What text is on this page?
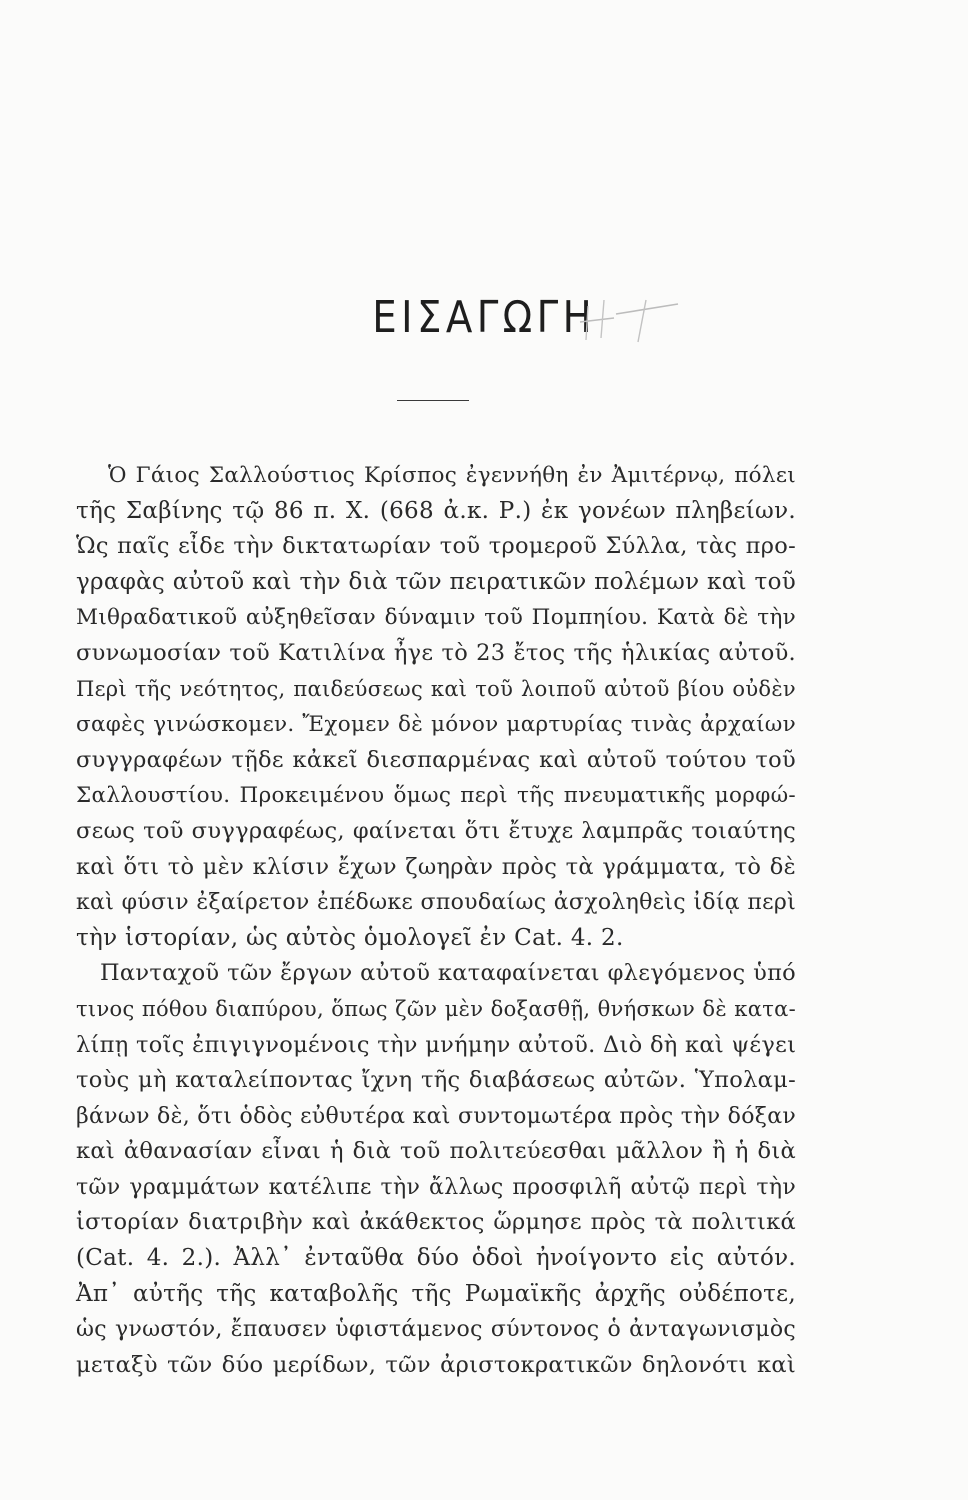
ΕΙΣΑΓΩΓΗ
Ὁ Γάιος Σαλλούστιος Κρίσπος ἐγεννήθη ἐν Ἀμιτέρνῳ, πόλει
τῆς Σαβίνης τῷ 86 π. Χ. (668 ἀ.κ. Ρ.) ἐκ γονέων πληβείων.
Ὡς παῖς εἶδε τὴν δικτατωρίαν τοῦ τρομεροῦ Σύλλα, τὰς προ-
γραφὰς αὐτοῦ καὶ τὴν διὰ τῶν πειρατικῶν πολέμων καὶ τοῦ
Μιθραδατικοῦ αὐξηθεῖσαν δύναμιν τοῦ Πομπηίου. Κατὰ δὲ τὴν
συνωμοσίαν τοῦ Κατιλίνα ἦγε τὸ 23 ἔτος τῆς ἡλικίας αὐτοῦ.
Περὶ τῆς νεότητος, παιδεύσεως καὶ τοῦ λοιποῦ αὐτοῦ βίου οὐδὲν
σαφὲς γινώσκομεν. Ἔχομεν δὲ μόνον μαρτυρίας τινὰς ἀρχαίων
συγγραφέων τῇδε κἀκεῖ διεσπαρμένας καὶ αὐτοῦ τούτου τοῦ
Σαλλουστίου. Προκειμένου ὅμως περὶ τῆς πνευματικῆς μορφώ-
σεως τοῦ συγγραφέως, φαίνεται ὅτι ἔτυχε λαμπρᾶς τοιαύτης
καὶ ὅτι τὸ μὲν κλίσιν ἔχων ζωηρὰν πρὸς τὰ γράμματα, τὸ δὲ
καὶ φύσιν ἐξαίρετον ἐπέδωκε σπουδαίως ἀσχοληθεὶς ἰδίᾳ περὶ
τὴν ἱστορίαν, ὡς αὐτὸς ὁμολογεῖ ἐν Cat. 4. 2.
Πανταχοῦ τῶν ἔργων αὐτοῦ καταφαίνεται φλεγόμενος ὑπό
τινος πόθου διαπύρου, ὅπως ζῶν μὲν δοξασθῇ, θνήσκων δὲ κατα-
λίπῃ τοῖς ἐπιγιγνομένοις τὴν μνήμην αὐτοῦ. Διὸ δὴ καὶ ψέγει
τοὺς μὴ καταλείποντας ἴχνη τῆς διαβάσεως αὐτῶν. Ὑπολαμ-
βάνων δὲ, ὅτι ὁδὸς εὐθυτέρα καὶ συντομωτέρα πρὸς τὴν δόξαν
καὶ ἀθανασίαν εἶναι ἡ διὰ τοῦ πολιτεύεσθαι μᾶλλον ἢ ἡ διὰ
τῶν γραμμάτων κατέλιπε τὴν ἄλλως προσφιλῆ αὐτῷ περὶ τὴν
ἱστορίαν διατριβὴν καὶ ἀκάθεκτος ὥρμησε πρὸς τὰ πολιτικά
(Cat. 4. 2.). Ἀλλ᾽ ἐνταῦθα δύο ὁδοὶ ἠνοίγοντο εἰς αὐτόν.
Ἀπ᾽ αὐτῆς τῆς καταβολῆς τῆς Ρωμαϊκῆς ἀρχῆς οὐδέποτε,
ὡς γνωστόν, ἔπαυσεν ὑφιστάμενος σύντονος ὁ ἀνταγωνισμὸς
μεταξὺ τῶν δύο μερίδων, τῶν ἀριστοκρατικῶν δηλονότι καὶ
